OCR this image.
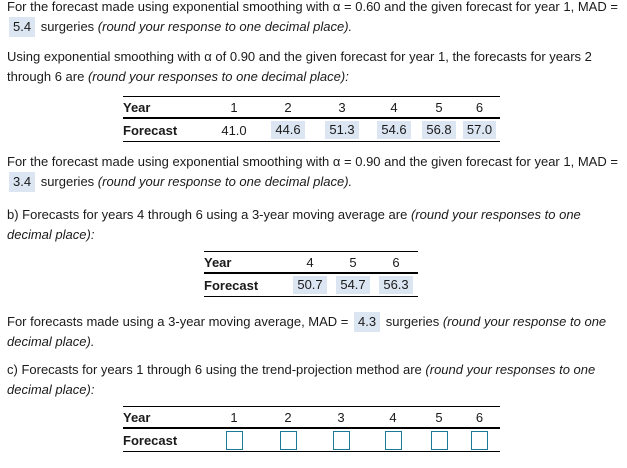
For the forecast made using exponential smoothing with α = 0.60 and the given forecast for year 1, MAD =
5.4 surgeries (round your response to one decimal place).
Using exponential smoothing with α of 0.90 and the given forecast for year 1, the forecasts for years 2 through 6 are (round your responses to one decimal place):
Year	1	2	3	4	5	6
Forecast	41.0	44.6	51.3	54.6	56.8	57.0
For the forecast made using exponential smoothing with α = 0.90 and the given forecast for year 1, MAD =
3.4 surgeries (round your response to one decimal place).
b) Forecasts for years 4 through 6 using a 3-year moving average are (round your responses to one decimal place):
Year	4	5	6
Forecast	50.7	54.7	56.3
For forecasts made using a 3-year moving average, MAD = 4.3 surgeries (round your response to one decimal place).
c) Forecasts for years 1 through 6 using the trend-projection method are (round your responses to one decimal place):
Year	1	2	3	4	5	6
Forecast						
